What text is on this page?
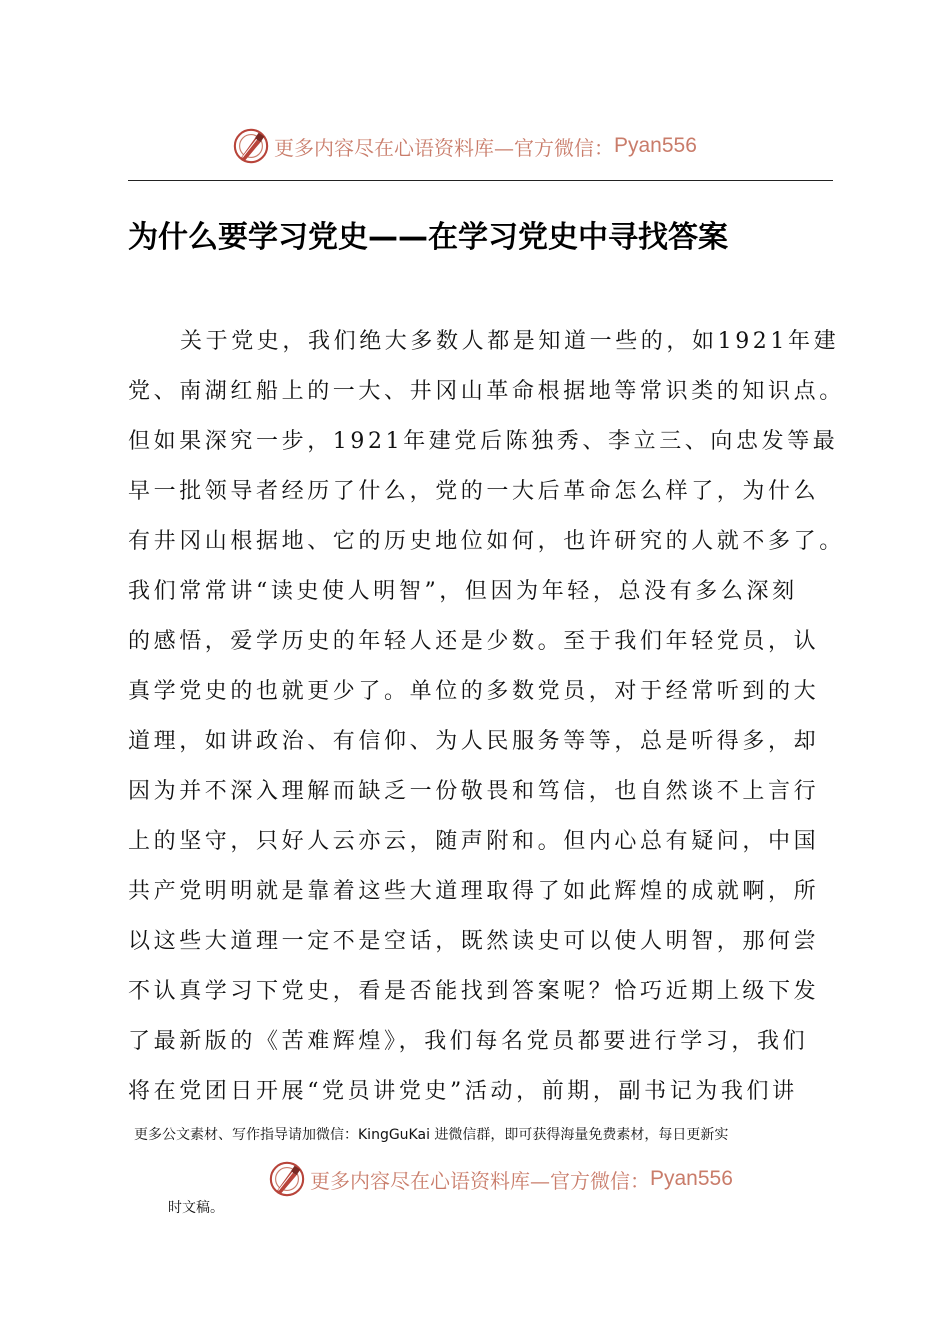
更多内容尽在心语资料库—官方微信： Pyan556
为什么要学习党史——在学习党史中寻找答案
关于党史，我们绝大多数人都是知道一些的，如1921年建
党、南湖红船上的一大、井冈山革命根据地等常识类的知识点。
但如果深究一步，1921年建党后陈独秀、李立三、向忠发等最
早一批领导者经历了什么，党的一大后革命怎么样了，为什么
有井冈山根据地、它的历史地位如何，也许研究的人就不多了。
我们常常讲“读史使人明智”，但因为年轻，总没有多么深刻
的感悟，爱学历史的年轻人还是少数。至于我们年轻党员，认
真学党史的也就更少了。单位的多数党员，对于经常听到的大
道理，如讲政治、有信仰、为人民服务等等，总是听得多，却
因为并不深入理解而缺乏一份敬畏和笃信，也自然谈不上言行
上的坚守，只好人云亦云，随声附和。但内心总有疑问，中国
共产党明明就是靠着这些大道理取得了如此辉煌的成就啊，所
以这些大道理一定不是空话，既然读史可以使人明智，那何尝
不认真学习下党史，看是否能找到答案呢？恰巧近期上级下发
了最新版的《苦难辉煌》，我们每名党员都要进行学习，我们
将在党团日开展“党员讲党史”活动，前期，副书记为我们讲
更多公文素材、写作指导请加微信：KingGuKai 进微信群，即可获得海量免费素材，每日更新实
更多内容尽在心语资料库—官方微信： Pyan556
时文稿。
